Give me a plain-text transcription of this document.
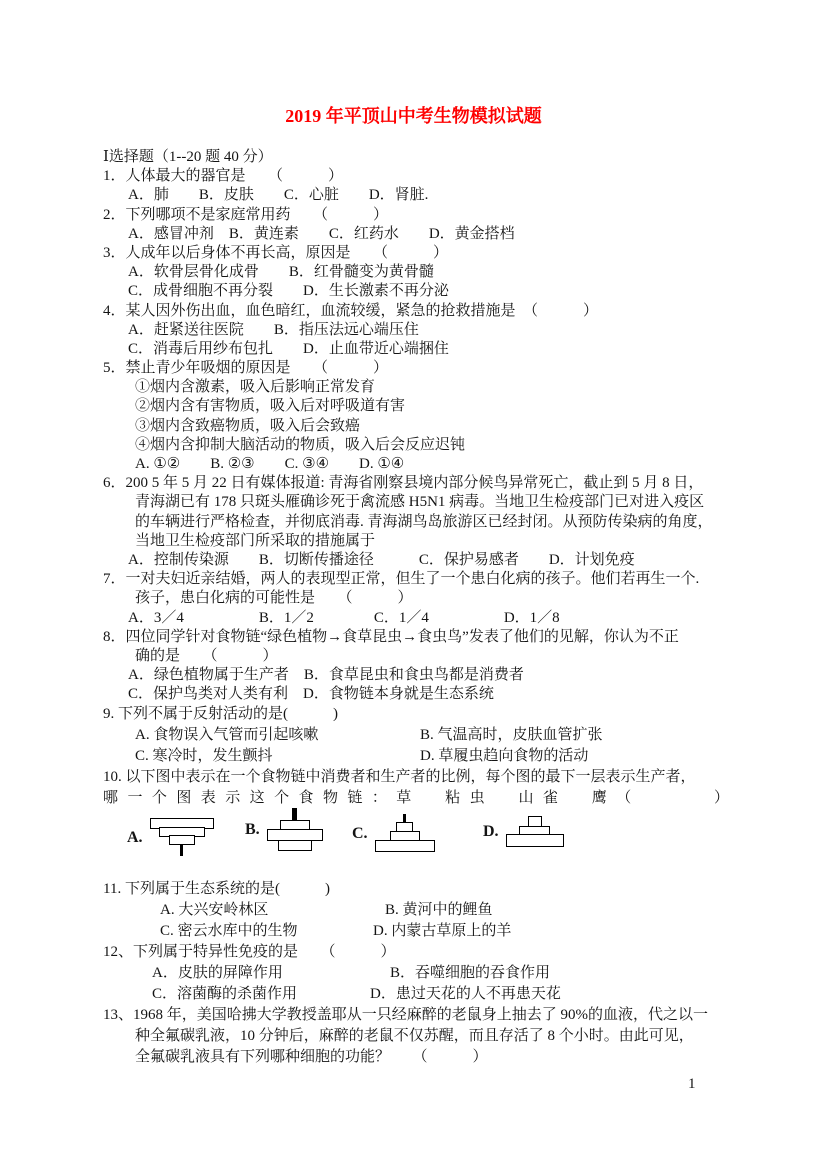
2019 年平顶山中考生物模拟试题
Ⅰ选择题（1--20 题 40 分）
1．人体最大的器官是　　（　　　）
A．肺　　B．皮肤　　C．心脏　　D．肾脏.
2．下列哪项不是家庭常用药　　（　　　）
A．感冒冲剂　B．黄连素　　C．红药水　　D．黄金搭档
3．人成年以后身体不再长高，原因是　　（　　　）
A．软骨层骨化成骨　　B．红骨髓变为黄骨髓
C．成骨细胞不再分裂　　D．生长激素不再分泌
4．某人因外伤出血，血色暗红，血流较缓，紧急的抢救措施是　（　　　）
A．赶紧送往医院　　B．指压法远心端压住
C．消毒后用纱布包扎　　D．止血带近心端捆住
5．禁止青少年吸烟的原因是　　（　　　）
①烟内含激素，吸入后影响正常发育
②烟内含有害物质，吸入后对呼吸道有害
③烟内含致癌物质，吸入后会致癌
④烟内含抑制大脑活动的物质，吸入后会反应迟钝
A. ①②　　B. ②③　　C. ③④　　D. ①④
6．200 5 年 5 月 22 日有媒体报道: 青海省刚察县境内部分候鸟异常死亡，截止到 5 月 8 日，
青海湖已有 178 只斑头雁确诊死于禽流感 H5N1 病毒。当地卫生检疫部门已对进入疫区
的车辆进行严格检查，并彻底消毒. 青海湖鸟岛旅游区已经封闭。从预防传染病的角度，
当地卫生检疫部门所采取的措施属于
A．控制传染源　　B．切断传播途径　　　C．保护易感者　　D．计划免疫
7．一对夫妇近亲结婚，两人的表现型正常，但生了一个患白化病的孩子。他们若再生一个.
孩子，患白化病的可能性是　　（　　　）
A．3／4　　　　　B．1／2　　　　C．1／4　　　　　D．1／8
8．四位同学针对食物链“绿色植物→食草昆虫→食虫鸟”发表了他们的见解，你认为不正
确的是　　（　　　）
A．绿色植物属于生产者　B．食草昆虫和食虫鸟都是消费者
C．保护鸟类对人类有利　D．食物链本身就是生态系统
9. 下列不属于反射活动的是(　　　)
A. 食物误入气管而引起咳嗽	B. 气温高时，皮肤血管扩张
C. 寒冷时，发生颤抖	D. 草履虫趋向食物的活动
10. 以下图中表示在一个食物链中消费者和生产者的比例，每个图的最下一层表示生产者，
哪 一 个 图 表 示 这 个 食 物 链 ： 草 　 粘 虫 　 山 雀 　 鹰 （ 　 　 　 ）
A.	B.	C.	D.
11. 下列属于生态系统的是(　　　)
A. 大兴安岭林区	B. 黄河中的鲤鱼
C. 密云水库中的生物	D. 内蒙古草原上的羊
12、下列属于特异性免疫的是　　（　　　）
A．皮肤的屏障作用	B．吞噬细胞的吞食作用
C．溶菌酶的杀菌作用	D．患过天花的人不再患天花
13、1968 年，美国哈拂大学教授盖耶从一只经麻醉的老鼠身上抽去了 90%的血液，代之以一
种全氟碳乳液，10 分钟后，麻醉的老鼠不仅苏醒，而且存活了 8 个小时。由此可见，
全氟碳乳液具有下列哪种细胞的功能？　　（　　　）
1
